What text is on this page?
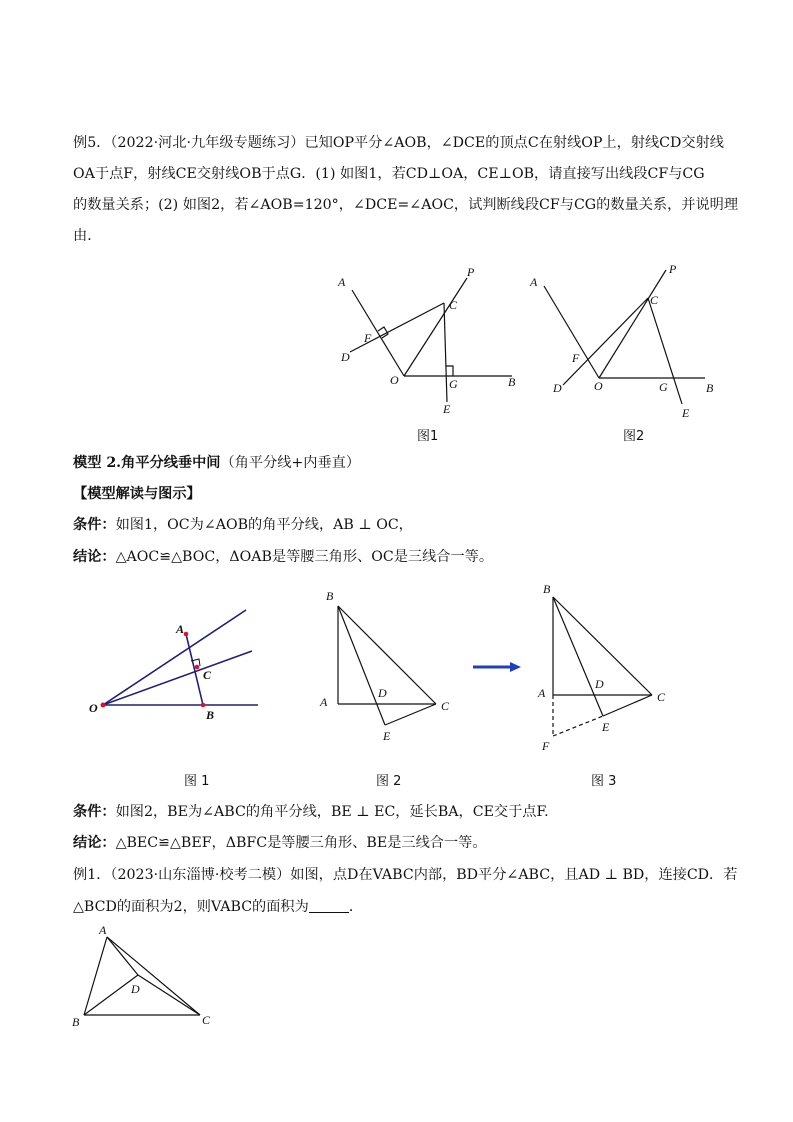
例5．（2022·河北·九年级专题练习）已知OP平分∠AOB，∠DCE的顶点C在射线OP上，射线CD交射线
OA于点F，射线CE交射线OB于点G．(1) 如图1，若CD⊥OA，CE⊥OB，请直接写出线段CF与CG
的数量关系；(2) 如图2，若∠AOB=120°，∠DCE=∠AOC，试判断线段CF与CG的数量关系，并说明理
由．
A
P
C
F
D
O	G	B
E
图1
A
P
C
F
D	O	G	B
E
图2
模型 2.角平分线垂中间（角平分线+内垂直）
【模型解读与图示】
条件：如图1，OC为∠AOB的角平分线，AB ⊥ OC，
结论：△AOC≌△BOC，ΔOAB是等腰三角形、OC是三线合一等。
A
C
O	B
B
A
D
C
E
B
A
D
C
E
F
图 1	图 2	图 3
条件：如图2，BE为∠ABC的角平分线，BE ⊥ EC，延长BA，CE交于点F.
结论：△BEC≌△BEF，ΔBFC是等腰三角形、BE是三线合一等。
例1．（2023·山东淄博·校考二模）如图，点D在VABC内部，BD平分∠ABC，且AD ⊥ BD，连接CD．若
△BCD的面积为2，则VABC的面积为	．
A
D
B	C
